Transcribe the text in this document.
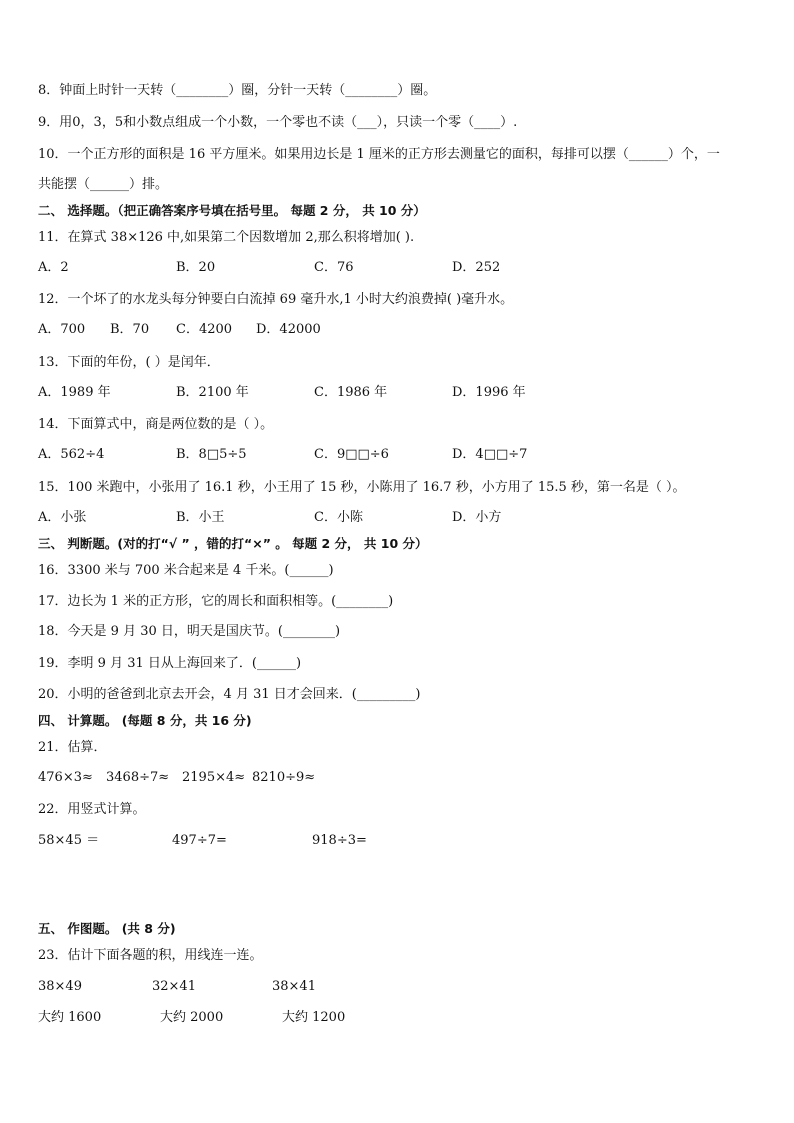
8．钟面上时针一天转（________）圈，分针一天转（________）圈。
9．用0，3，5和小数点组成一个小数，一个零也不读（___），只读一个零（____）.
10．一个正方形的面积是 16 平方厘米。如果用边长是 1 厘米的正方形去测量它的面积，每排可以摆（______）个，一
共能摆（______）排。
二、 选择题。（把正确答案序号填在括号里。 每题 2 分， 共 10 分）
11．在算式 38×126 中,如果第二个因数增加 2,那么积将增加( ).
A．2	B．20	C．76	D．252
12．一个坏了的水龙头每分钟要白白流掉 69 毫升水,1 小时大约浪费掉( )毫升水。
A．700 B．70 C．4200 D．42000
13．下面的年份，( ）是闰年．
A．1989 年	B．2100 年	C．1986 年	D．1996 年
14．下面算式中，商是两位数的是（ ）。
A．562÷4	B．8□5÷5	C．9□□÷6	D．4□□÷7
15．100 米跑中，小张用了 16.1 秒，小王用了 15 秒，小陈用了 16.7 秒，小方用了 15.5 秒，第一名是（ ）。
A．小张	B．小王	C．小陈	D．小方
三、 判断题。(对的打“√ ” ，错的打“×” 。 每题 2 分， 共 10 分）
16．3300 米与 700 米合起来是 4 千米。(______)
17．边长为 1 米的正方形，它的周长和面积相等。(________)
18．今天是 9 月 30 日，明天是国庆节。(________)
19．李明 9 月 31 日从上海回来了．(______)
20．小明的爸爸到北京去开会，4 月 31 日才会回来．(_________)
四、 计算题。 (每题 8 分，共 16 分)
21．估算．
476×3≈ 3468÷7≈ 2195×4≈ 8210÷9≈
22．用竖式计算。
58×45 ＝	497÷7=	918÷3=
五、 作图题。 (共 8 分)
23．估计下面各题的积，用线连一连。
38×49	32×41	38×41
大约 1600	大约 2000	大约 1200
